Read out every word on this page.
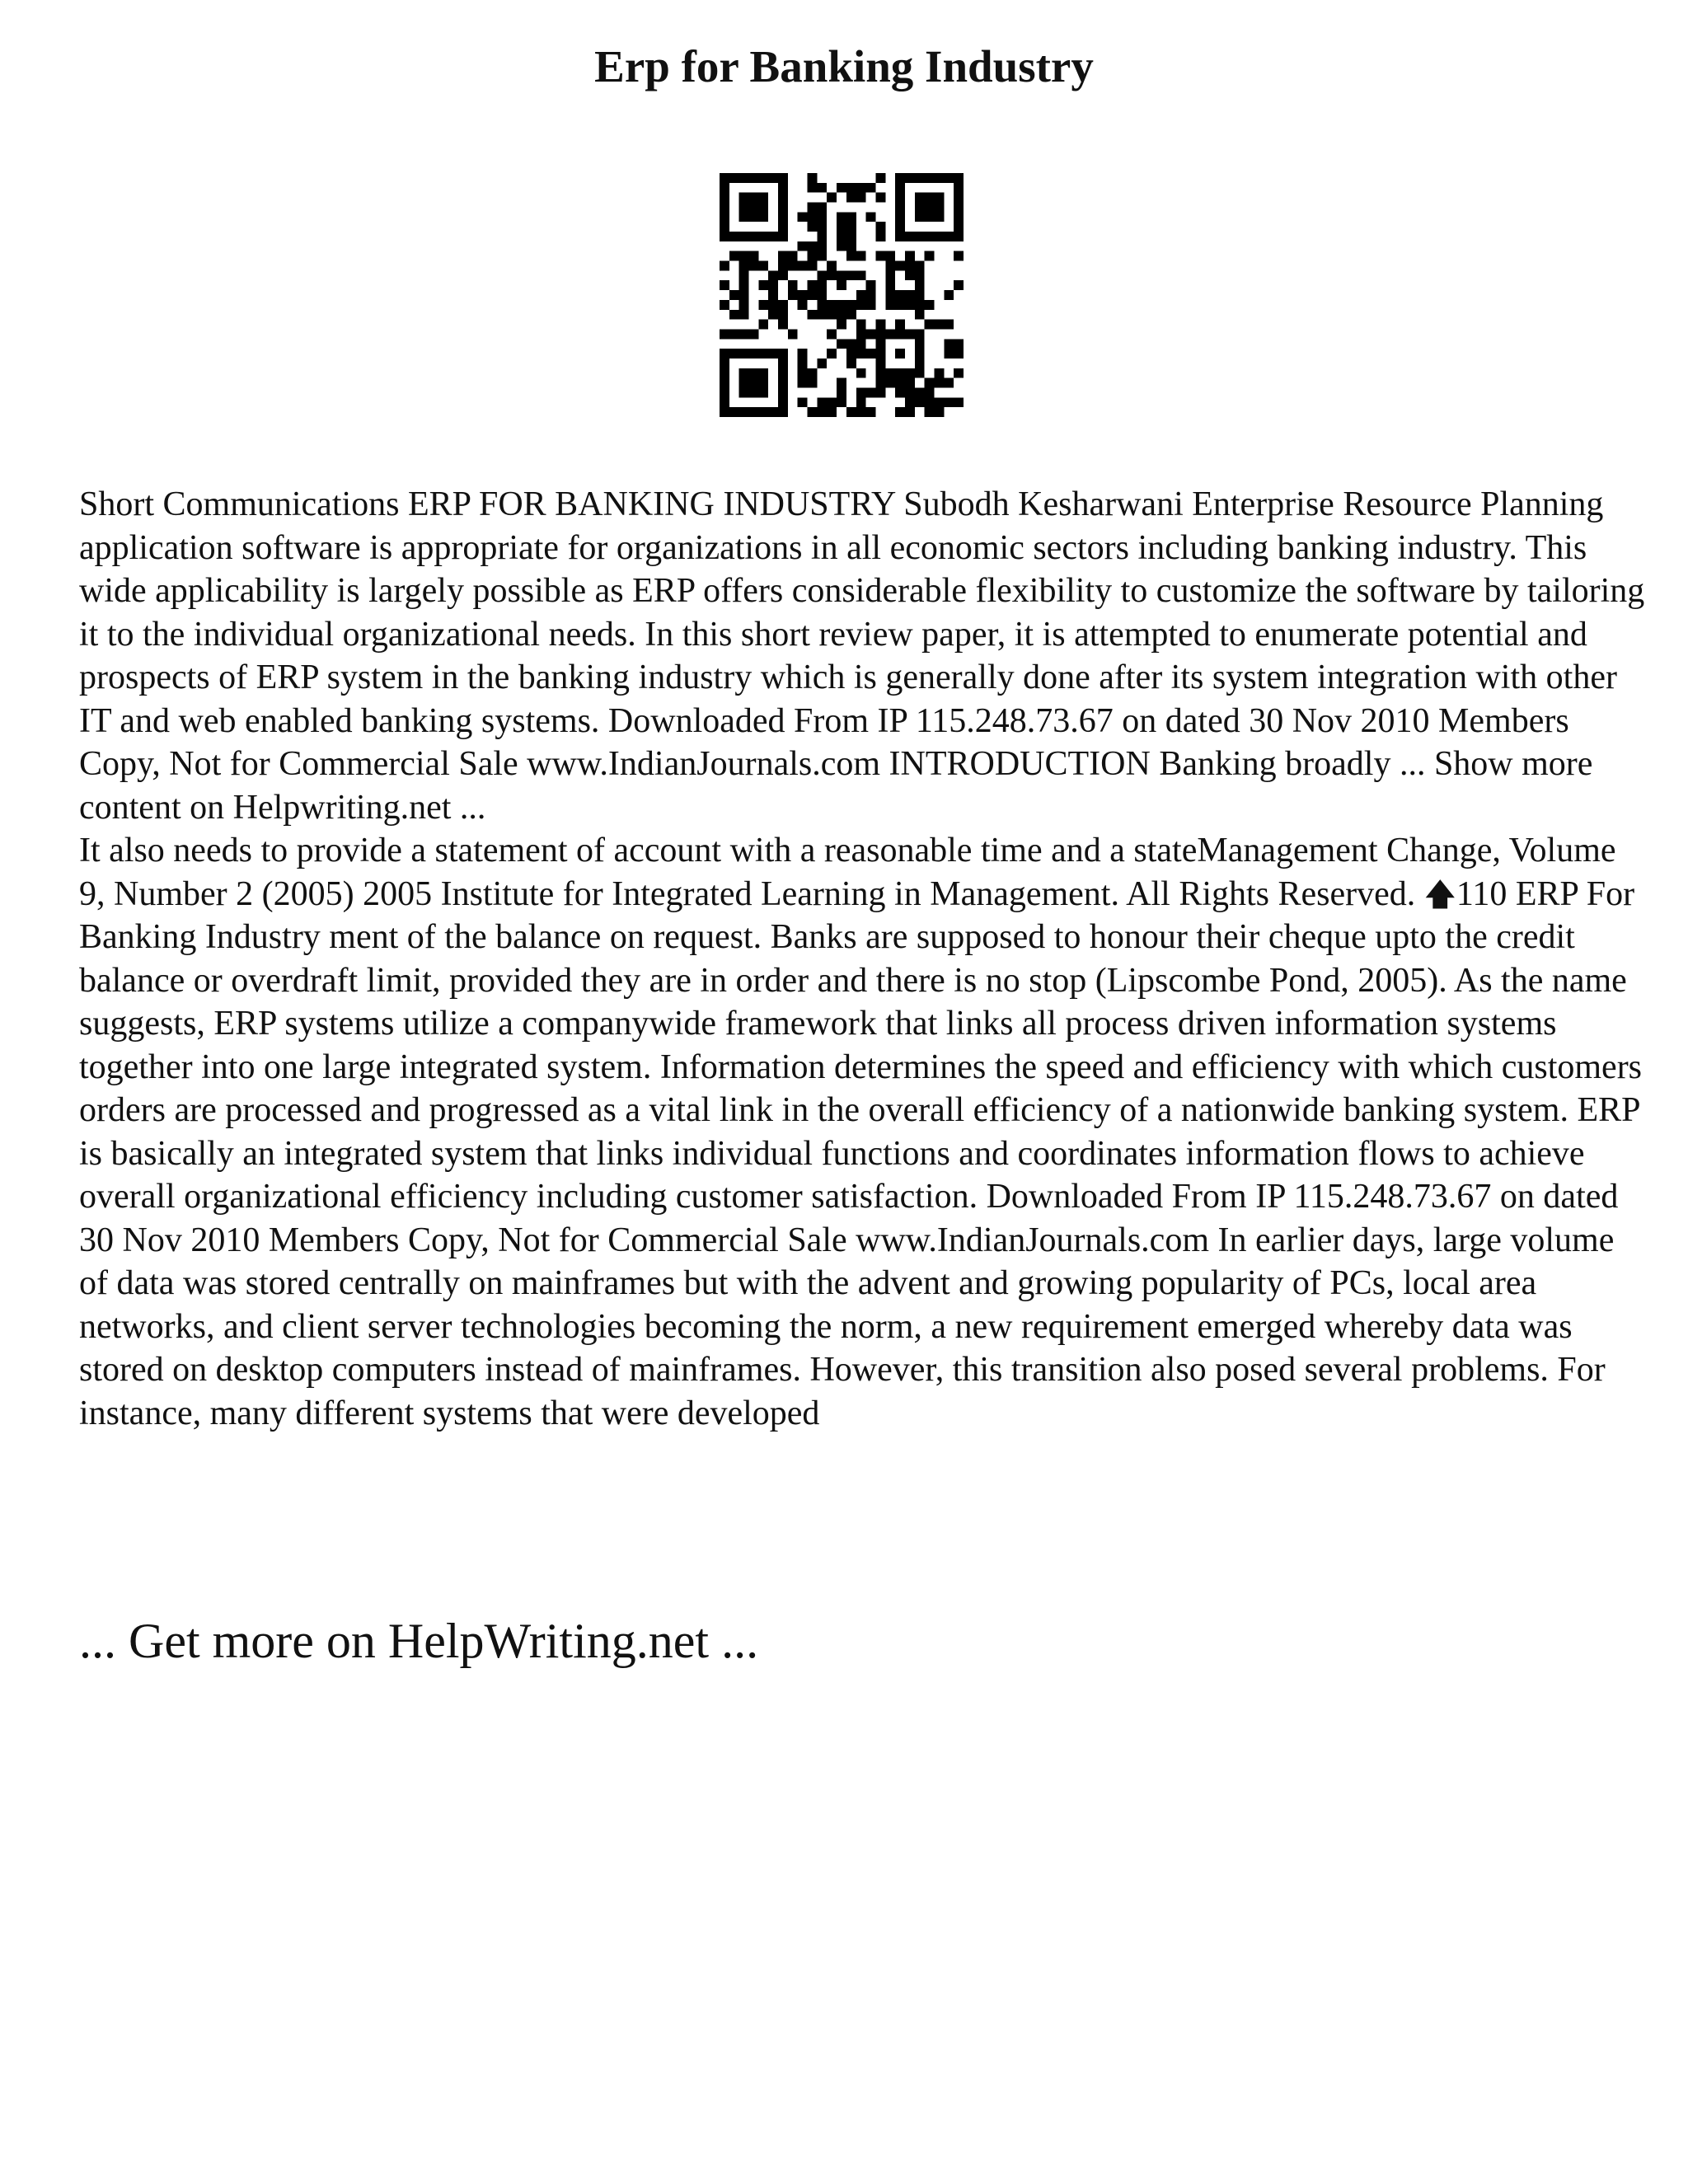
Erp for Banking Industry

Short Communications ERP FOR BANKING INDUSTRY Subodh Kesharwani Enterprise Resource Planning application software is appropriate for organizations in all economic sectors including banking industry. This wide applicability is largely possible as ERP offers considerable flexibility to customize the software by tailoring it to the individual organizational needs. In this short review paper, it is attempted to enumerate potential and prospects of ERP system in the banking industry which is generally done after its system integration with other IT and web enabled banking systems. Downloaded From IP 115.248.73.67 on dated 30 Nov 2010 Members Copy, Not for Commercial Sale www.IndianJournals.com INTRODUCTION Banking broadly ... Show more content on Helpwriting.net ...

It also needs to provide a statement of account with a reasonable time and a stateManagement Change, Volume 9, Number 2 (2005) 2005 Institute for Integrated Learning in Management. All Rights Reserved. 🡅110 ERP For Banking Industry ment of the balance on request. Banks are supposed to honour their cheque upto the credit balance or overdraft limit, provided they are in order and there is no stop (Lipscombe Pond, 2005). As the name suggests, ERP systems utilize a companywide framework that links all process driven information systems together into one large integrated system. Information determines the speed and efficiency with which customers orders are processed and progressed as a vital link in the overall efficiency of a nationwide banking system. ERP is basically an integrated system that links individual functions and coordinates information flows to achieve overall organizational efficiency including customer satisfaction. Downloaded From IP 115.248.73.67 on dated 30 Nov 2010 Members Copy, Not for Commercial Sale www.IndianJournals.com In earlier days, large volume of data was stored centrally on mainframes but with the advent and growing popularity of PCs, local area networks, and client server technologies becoming the norm, a new requirement emerged whereby data was stored on desktop computers instead of mainframes. However, this transition also posed several problems. For instance, many different systems that were developed

... Get more on HelpWriting.net ...
